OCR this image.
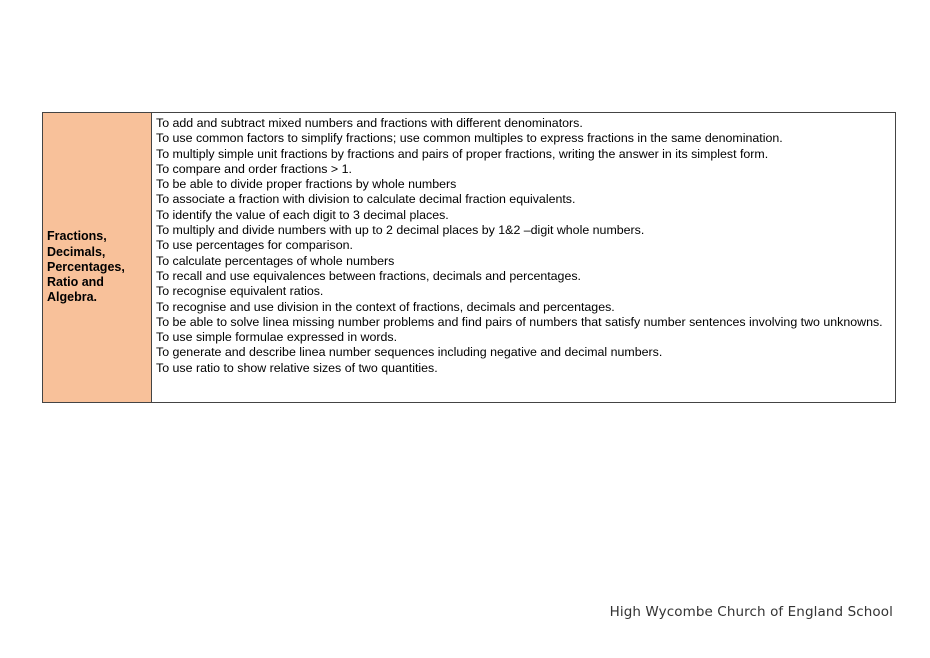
Fractions,
Decimals,
Percentages,
Ratio and
Algebra.
To add and subtract mixed numbers and fractions with different denominators.
To use common factors to simplify fractions; use common multiples to express fractions in the same denomination.
To multiply simple unit fractions by fractions and pairs of proper fractions, writing the answer in its simplest form.
To compare and order fractions > 1.
To be able to divide proper fractions by whole numbers
To associate a fraction with division to calculate decimal fraction equivalents.
To identify the value of each digit to 3 decimal places.
To multiply and divide numbers with up to 2 decimal places by 1&2 –digit whole numbers.
To use percentages for comparison.
To calculate percentages of whole numbers
To recall and use equivalences between fractions, decimals and percentages.
To recognise equivalent ratios.
To recognise and use division in the context of fractions, decimals and percentages.
To be able to solve linea missing number problems and find pairs of numbers that satisfy number sentences involving two unknowns.
To use simple formulae expressed in words.
To generate and describe linea number sequences including negative and decimal numbers.
To use ratio to show relative sizes of two quantities.
High Wycombe Church of England School
